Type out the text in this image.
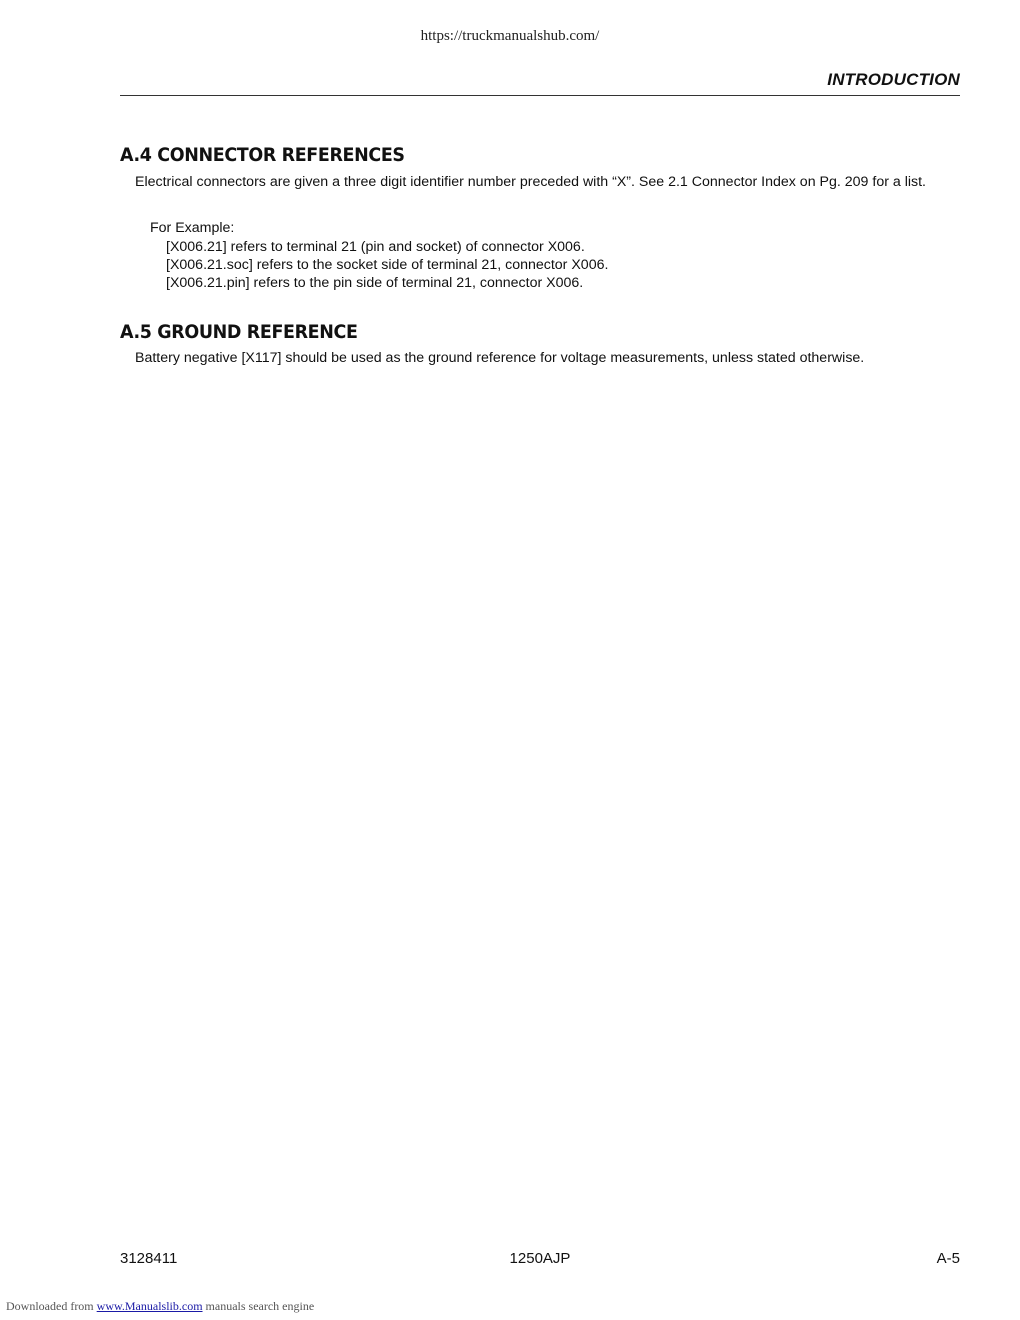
https://truckmanualshub.com/
INTRODUCTION
A.4 CONNECTOR REFERENCES
Electrical connectors are given a three digit identifier number preceded with “X”. See 2.1 Connector Index on Pg. 209 for a list.
For Example:
[X006.21] refers to terminal 21 (pin and socket) of connector X006.
[X006.21.soc] refers to the socket side of terminal 21, connector X006.
[X006.21.pin] refers to the pin side of terminal 21, connector X006.
A.5 GROUND REFERENCE
Battery negative [X117] should be used as the ground reference for voltage measurements, unless stated otherwise.
3128411	1250AJP	A-5
Downloaded from www.Manualslib.com manuals search engine
